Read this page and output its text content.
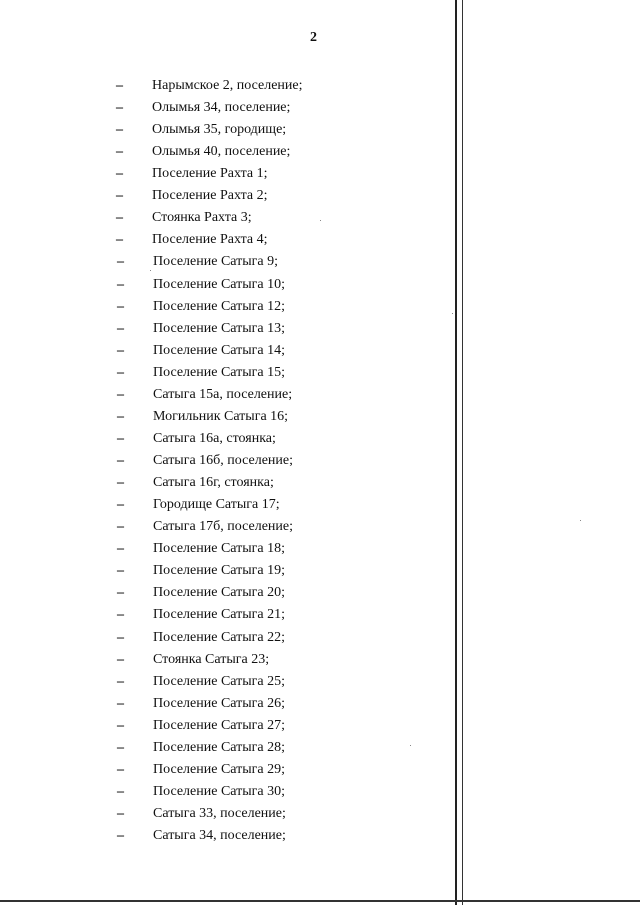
2
– Нарымское 2, поселение;
– Олымья 34, поселение;
– Олымья 35, городище;
– Олымья 40, поселение;
– Поселение Рахта 1;
– Поселение Рахта 2;
– Стоянка Рахта 3;
– Поселение Рахта 4;
– Поселение Сатыга 9;
– Поселение Сатыга 10;
– Поселение Сатыга 12;
– Поселение Сатыга 13;
– Поселение Сатыга 14;
– Поселение Сатыга 15;
– Сатыга 15а, поселение;
– Могильник Сатыга 16;
– Сатыга 16а, стоянка;
– Сатыга 16б, поселение;
– Сатыга 16г, стоянка;
– Городище Сатыга 17;
– Сатыга 17б, поселение;
– Поселение Сатыга 18;
– Поселение Сатыга 19;
– Поселение Сатыга 20;
– Поселение Сатыга 21;
– Поселение Сатыга 22;
– Стоянка Сатыга 23;
– Поселение Сатыга 25;
– Поселение Сатыга 26;
– Поселение Сатыга 27;
– Поселение Сатыга 28;
– Поселение Сатыга 29;
– Поселение Сатыга 30;
– Сатыга 33, поселение;
– Сатыга 34, поселение;
